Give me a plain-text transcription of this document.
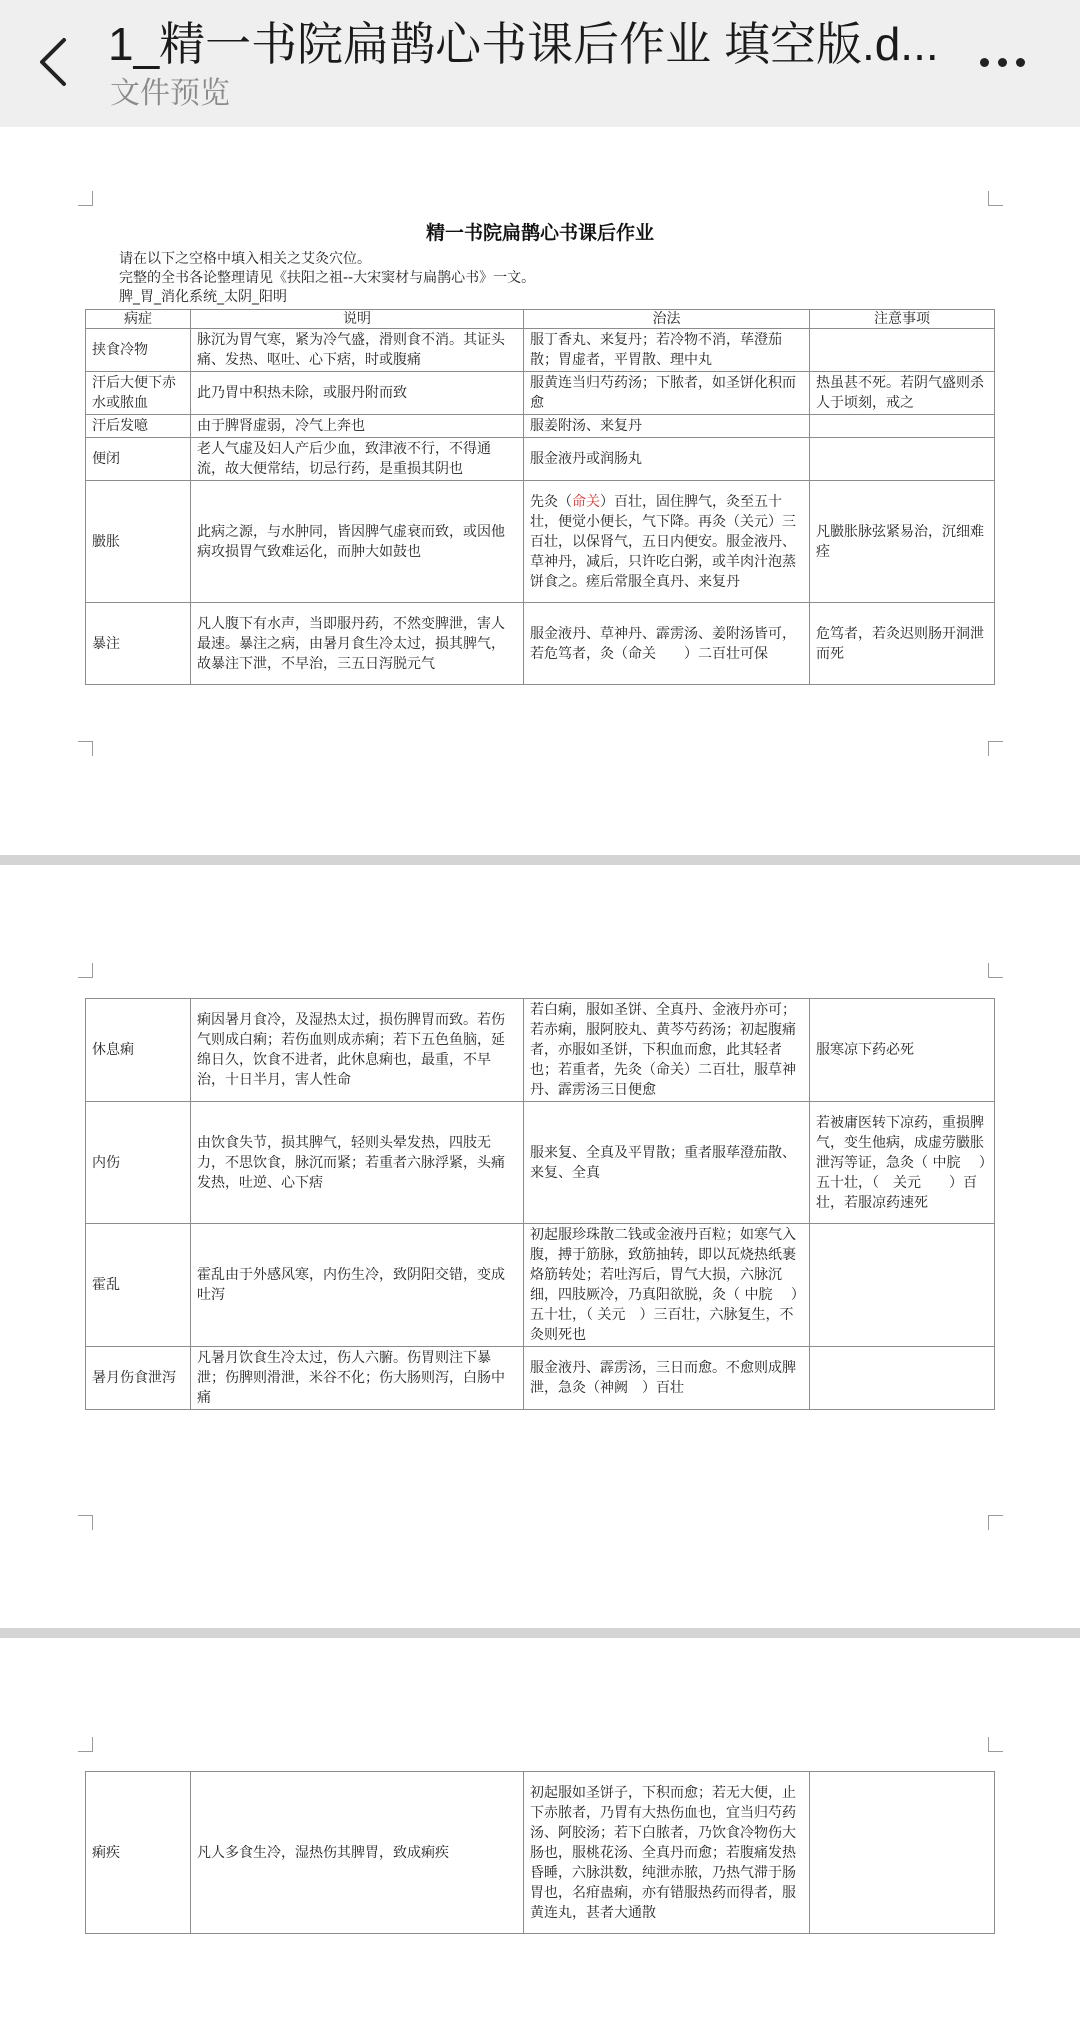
1_精一书院扁鹊心书课后作业 填空版.d...
文件预览
精一书院扁鹊心书课后作业
请在以下之空格中填入相关之艾灸穴位。
完整的全书各论整理请见《扶阳之祖--大宋窦材与扁鹊心书》一文。
脾_胃_消化系统_太阴_阳明
病症	说明	治法	注意事项
挟食冷物	脉沉为胃气寒，紧为冷气盛，滑则食不消。其证头痛、发热、呕吐、心下痞，时或腹痛	服丁香丸、来复丹；若冷物不消，荜澄茄散；胃虚者，平胃散、理中丸	
汗后大便下赤水或脓血	此乃胃中积热未除，或服丹附而致	服黄连当归芍药汤；下脓者，如圣饼化积而愈	热虽甚不死。若阴气盛则杀人于顷刻，戒之
汗后发噫	由于脾肾虚弱，冷气上奔也	服姜附汤、来复丹	
便闭	老人气虚及妇人产后少血，致津液不行，不得通流，故大便常结，切忌行药，是重损其阴也	服金液丹或润肠丸	
臌胀	此病之源，与水肿同，皆因脾气虚衰而致，或因他病攻损胃气致难运化，而肿大如鼓也	先灸（命关）百壮，固住脾气，灸至五十壮，便觉小便长，气下降。再灸（关元）三百壮，以保肾气，五日内便安。服金液丹、草神丹，减后，只许吃白粥，或羊肉汁泡蒸饼食之。瘥后常服全真丹、来复丹	凡臌胀脉弦紧易治，沉细难痊
暴注	凡人腹下有水声，当即服丹药，不然变脾泄，害人最速。暴注之病，由暑月食生冷太过，损其脾气，故暴注下泄，不早治，三五日泻脱元气	服金液丹、草神丹、霹雳汤、姜附汤皆可，若危笃者，灸（命关　　）二百壮可保	危笃者，若灸迟则肠开洞泄而死
休息痢	痢因暑月食冷，及湿热太过，损伤脾胃而致。若伤气则成白痢；若伤血则成赤痢；若下五色鱼脑，延绵日久，饮食不进者，此休息痢也，最重，不早治，十日半月，害人性命	若白痢，服如圣饼、全真丹、金液丹亦可；若赤痢，服阿胶丸、黄芩芍药汤；初起腹痛者，亦服如圣饼，下积血而愈，此其轻者也；若重者，先灸（命关）二百壮，服草神丹、霹雳汤三日便愈	服寒凉下药必死
内伤	由饮食失节，损其脾气，轻则头晕发热，四肢无力，不思饮食，脉沉而紧；若重者六脉浮紧，头痛发热，吐逆、心下痞	服来复、全真及平胃散；重者服荜澄茄散、来复、全真	若被庸医转下凉药，重损脾气，变生他病，成虚劳臌胀泄泻等证，急灸（ 中脘　 ）五十壮，（　关元　　）百壮，若服凉药速死
霍乱	霍乱由于外感风寒，内伤生冷，致阴阳交错，变成吐泻	初起服珍珠散二钱或金液丹百粒；如寒气入腹，搏于筋脉，致筋抽转，即以瓦烧热纸裹烙筋转处；若吐泻后，胃气大损，六脉沉细，四肢厥冷，乃真阳欲脱，灸（ 中脘　 ）五十壮，（ 关元　）三百壮，六脉复生，不灸则死也	
暑月伤食泄泻	凡暑月饮食生冷太过，伤人六腑。伤胃则注下暴泄；伤脾则滑泄，米谷不化；伤大肠则泻，白肠中痛	服金液丹、霹雳汤，三日而愈。不愈则成脾泄，急灸（神阙　）百壮	
痢疾	凡人多食生冷，湿热伤其脾胃，致成痢疾	初起服如圣饼子，下积而愈；若无大便，止下赤脓者，乃胃有大热伤血也，宜当归芍药汤、阿胶汤；若下白脓者，乃饮食冷物伤大肠也，服桃花汤、全真丹而愈；若腹痛发热昏睡，六脉洪数，纯泄赤脓，乃热气滞于肠胃也，名疳蛊痢，亦有错服热药而得者，服黄连丸，甚者大通散	
